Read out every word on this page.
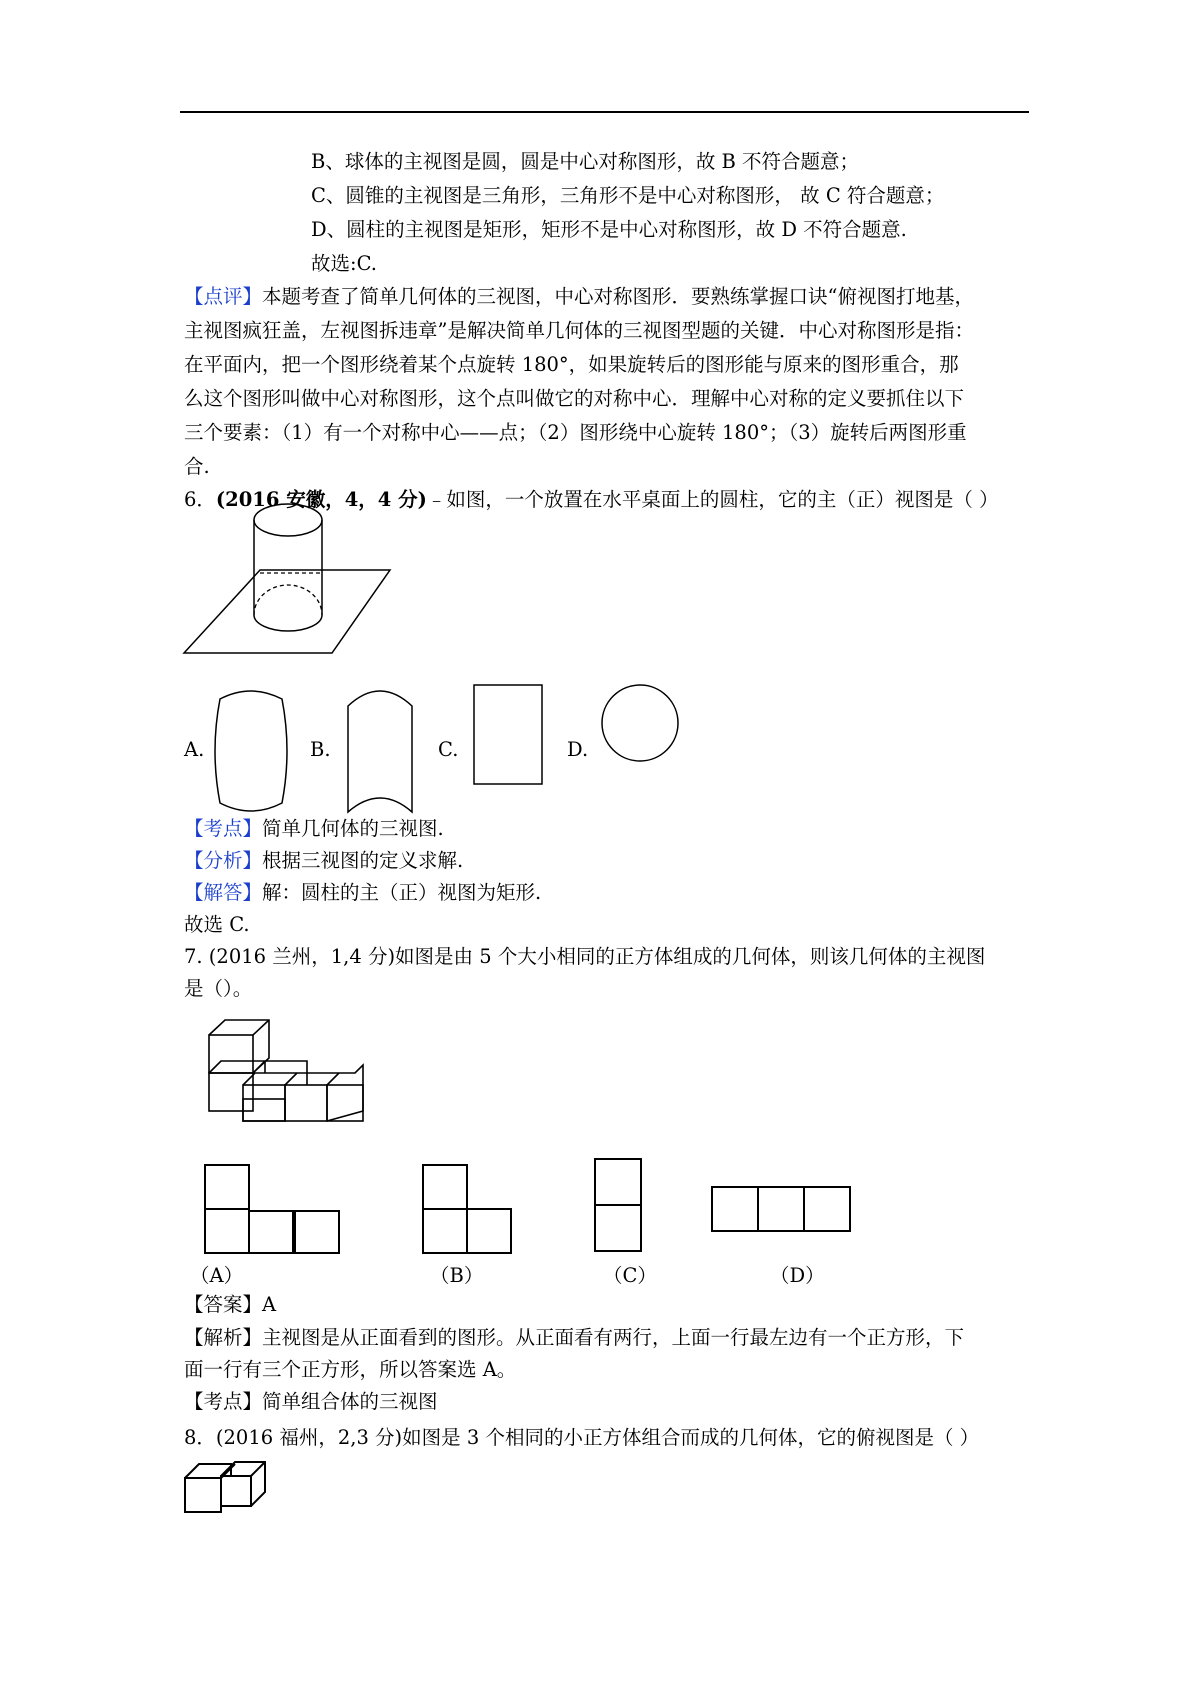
B、球体的主视图是圆，圆是中心对称图形，故 B 不符合题意；
C、圆锥的主视图是三角形，三角形不是中心对称图形， 故 C 符合题意；
D、圆柱的主视图是矩形，矩形不是中心对称图形，故 D 不符合题意.
故选:C.
【点评】本题考查了简单几何体的三视图，中心对称图形．要熟练掌握口诀“俯视图打地基，
主视图疯狂盖，左视图拆违章”是解决简单几何体的三视图型题的关键．中心对称图形是指：
在平面内，把一个图形绕着某个点旋转 180°，如果旋转后的图形能与原来的图形重合，那
么这个图形叫做中心对称图形，这个点叫做它的对称中心．理解中心对称的定义要抓住以下
三个要素：（1）有一个对称中心——点；（2）图形绕中心旋转 180°；（3）旋转后两图形重
合.
6．(2016 安徽，4，4 分)﹣如图，一个放置在水平桌面上的圆柱，它的主（正）视图是（ ）
A.	B.	C.	D.
【考点】简单几何体的三视图.
【分析】根据三视图的定义求解.
【解答】解：圆柱的主（正）视图为矩形.
故选 C.
7. (2016 兰州，1,4 分)如图是由 5 个大小相同的正方体组成的几何体，则该几何体的主视图
是（）。
（A）	（B）	（C）	（D）
【答案】A
【解析】主视图是从正面看到的图形。从正面看有两行，上面一行最左边有一个正方形，下
面一行有三个正方形，所以答案选 A。
【考点】简单组合体的三视图
8．(2016 福州，2,3 分)如图是 3 个相同的小正方体组合而成的几何体，它的俯视图是（ ）
